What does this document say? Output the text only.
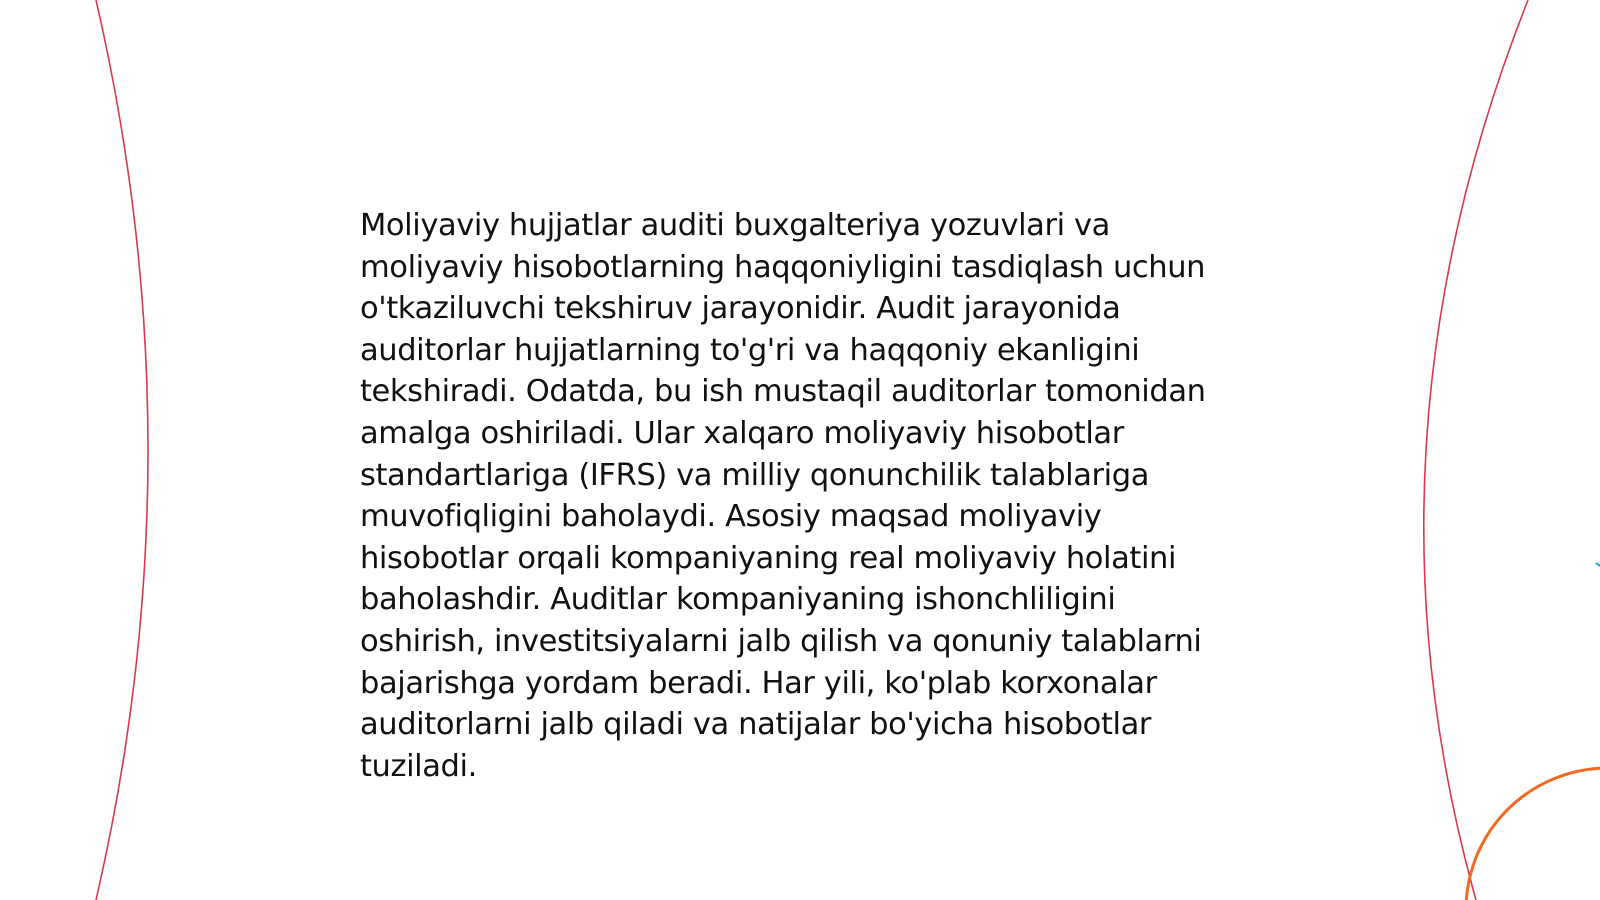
Moliyaviy hujjatlar auditi buxgalteriya yozuvlari va moliyaviy hisobotlarning haqqoniyligini tasdiqlash uchun o'tkaziluvchi tekshiruv jarayonidir. Audit jarayonida auditorlar hujjatlarning to'g'ri va haqqoniy ekanligini tekshiradi. Odatda, bu ish mustaqil auditorlar tomonidan amalga oshiriladi. Ular xalqaro moliyaviy hisobotlar standartlariga (IFRS) va milliy qonunchilik talablariga muvofiqligini baholaydi. Asosiy maqsad moliyaviy hisobotlar orqali kompaniyaning real moliyaviy holatini baholashdir. Auditlar kompaniyaning ishonchliligini oshirish, investitsiyalarni jalb qilish va qonuniy talablarni bajarishga yordam beradi. Har yili, ko'plab korxonalar auditorlarni jalb qiladi va natijalar bo'yicha hisobotlar tuziladi.
